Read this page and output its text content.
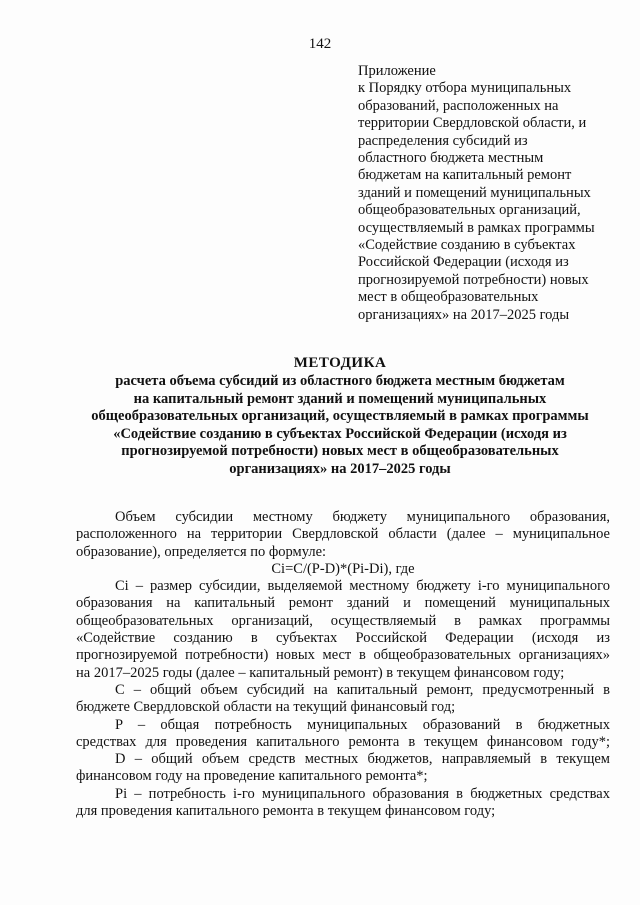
142
Приложение
к Порядку отбора муниципальных
образований, расположенных на
территории Свердловской области, и
распределения субсидий из
областного бюджета местным
бюджетам на капитальный ремонт
зданий и помещений муниципальных
общеобразовательных организаций,
осуществляемый в рамках программы
«Содействие созданию в субъектах
Российской Федерации (исходя из
прогнозируемой потребности) новых
мест в общеобразовательных
организациях» на 2017–2025 годы
МЕТОДИКА
расчета объема субсидий из областного бюджета местным бюджетам
на капитальный ремонт зданий и помещений муниципальных
общеобразовательных организаций, осуществляемый в рамках программы
«Содействие созданию в субъектах Российской Федерации (исходя из
прогнозируемой потребности) новых мест в общеобразовательных
организациях» на 2017–2025 годы
Объем субсидии местному бюджету муниципального образования,
расположенного на территории Свердловской области (далее – муниципальное
образование), определяется по формуле:
Ci=C/(P-D)*(Pi-Di), где
Ci – размер субсидии, выделяемой местному бюджету i-го муниципального
образования на капитальный ремонт зданий и помещений муниципальных
общеобразовательных организаций, осуществляемый в рамках программы
«Содействие созданию в субъектах Российской Федерации (исходя из
прогнозируемой потребности) новых мест в общеобразовательных организациях»
на 2017–2025 годы (далее – капитальный ремонт) в текущем финансовом году;
C – общий объем субсидий на капитальный ремонт, предусмотренный в
бюджете Свердловской области на текущий финансовый год;
P – общая потребность муниципальных образований в бюджетных
средствах для проведения капитального ремонта в текущем финансовом году*;
D – общий объем средств местных бюджетов, направляемый в текущем
финансовом году на проведение капитального ремонта*;
Pi – потребность i-го муниципального образования в бюджетных средствах
для проведения капитального ремонта в текущем финансовом году;
